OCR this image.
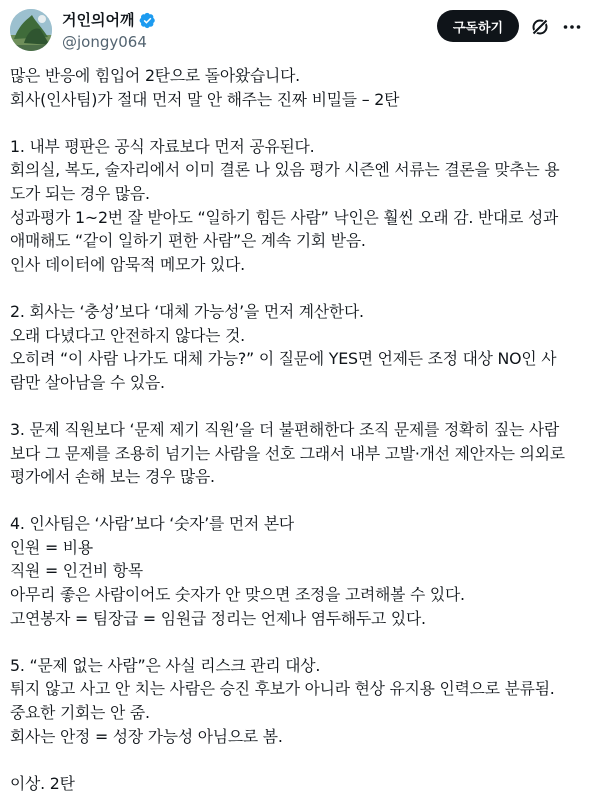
거인의어깨
@jongy064
구독하기
많은 반응에 힘입어 2탄으로 돌아왔습니다.
회사(인사팀)가 절대 먼저 말 안 해주는 진짜 비밀들 – 2탄
1. 내부 평판은 공식 자료보다 먼저 공유된다.
회의실, 복도, 술자리에서 이미 결론 나 있음 평가 시즌엔 서류는 결론을 맞추는 용
도가 되는 경우 많음.
성과평가 1~2번 잘 받아도 “일하기 힘든 사람” 낙인은 훨씬 오래 감. 반대로 성과
애매해도 “같이 일하기 편한 사람”은 계속 기회 받음.
인사 데이터에 암묵적 메모가 있다.
2. 회사는 ‘충성’보다 ‘대체 가능성’을 먼저 계산한다.
오래 다녔다고 안전하지 않다는 것.
오히려 “이 사람 나가도 대체 가능?” 이 질문에 YES면 언제든 조정 대상 NO인 사
람만 살아남을 수 있음.
3. 문제 직원보다 ‘문제 제기 직원’을 더 불편해한다 조직 문제를 정확히 짚는 사람
보다 그 문제를 조용히 넘기는 사람을 선호 그래서 내부 고발·개선 제안자는 의외로
평가에서 손해 보는 경우 많음.
4. 인사팀은 ‘사람’보다 ‘숫자’를 먼저 본다
인원 = 비용
직원 = 인건비 항목
아무리 좋은 사람이어도 숫자가 안 맞으면 조정을 고려해볼 수 있다.
고연봉자 = 팀장급 = 임원급 정리는 언제나 염두해두고 있다.
5. “문제 없는 사람”은 사실 리스크 관리 대상.
튀지 않고 사고 안 치는 사람은 승진 후보가 아니라 현상 유지용 인력으로 분류됨.
중요한 기회는 안 줌.
회사는 안정 = 성장 가능성 아님으로 봄.
이상. 2탄
